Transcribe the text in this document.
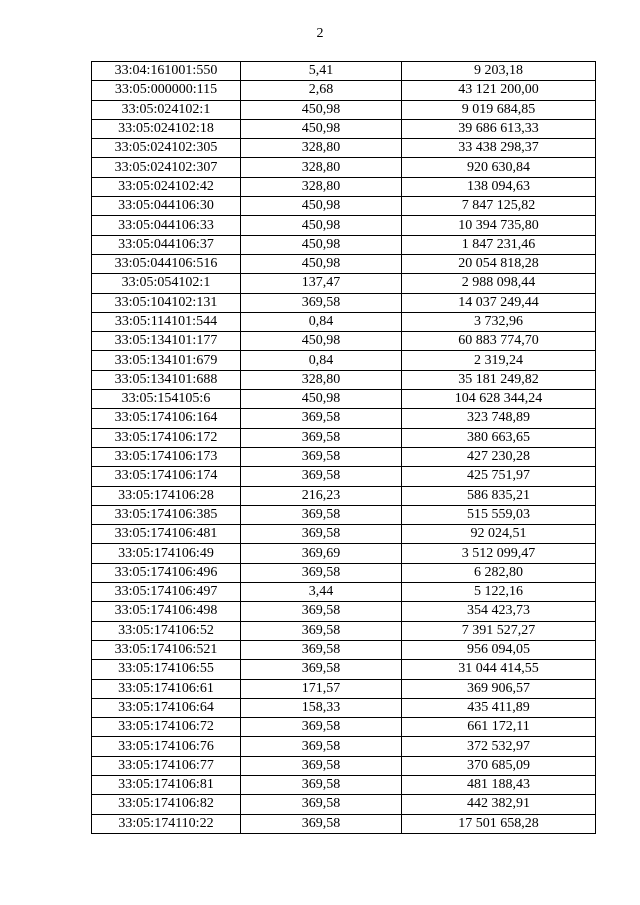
2
33:04:161001:550	5,41	9 203,18
33:05:000000:115	2,68	43 121 200,00
33:05:024102:1	450,98	9 019 684,85
33:05:024102:18	450,98	39 686 613,33
33:05:024102:305	328,80	33 438 298,37
33:05:024102:307	328,80	920 630,84
33:05:024102:42	328,80	138 094,63
33:05:044106:30	450,98	7 847 125,82
33:05:044106:33	450,98	10 394 735,80
33:05:044106:37	450,98	1 847 231,46
33:05:044106:516	450,98	20 054 818,28
33:05:054102:1	137,47	2 988 098,44
33:05:104102:131	369,58	14 037 249,44
33:05:114101:544	0,84	3 732,96
33:05:134101:177	450,98	60 883 774,70
33:05:134101:679	0,84	2 319,24
33:05:134101:688	328,80	35 181 249,82
33:05:154105:6	450,98	104 628 344,24
33:05:174106:164	369,58	323 748,89
33:05:174106:172	369,58	380 663,65
33:05:174106:173	369,58	427 230,28
33:05:174106:174	369,58	425 751,97
33:05:174106:28	216,23	586 835,21
33:05:174106:385	369,58	515 559,03
33:05:174106:481	369,58	92 024,51
33:05:174106:49	369,69	3 512 099,47
33:05:174106:496	369,58	6 282,80
33:05:174106:497	3,44	5 122,16
33:05:174106:498	369,58	354 423,73
33:05:174106:52	369,58	7 391 527,27
33:05:174106:521	369,58	956 094,05
33:05:174106:55	369,58	31 044 414,55
33:05:174106:61	171,57	369 906,57
33:05:174106:64	158,33	435 411,89
33:05:174106:72	369,58	661 172,11
33:05:174106:76	369,58	372 532,97
33:05:174106:77	369,58	370 685,09
33:05:174106:81	369,58	481 188,43
33:05:174106:82	369,58	442 382,91
33:05:174110:22	369,58	17 501 658,28
